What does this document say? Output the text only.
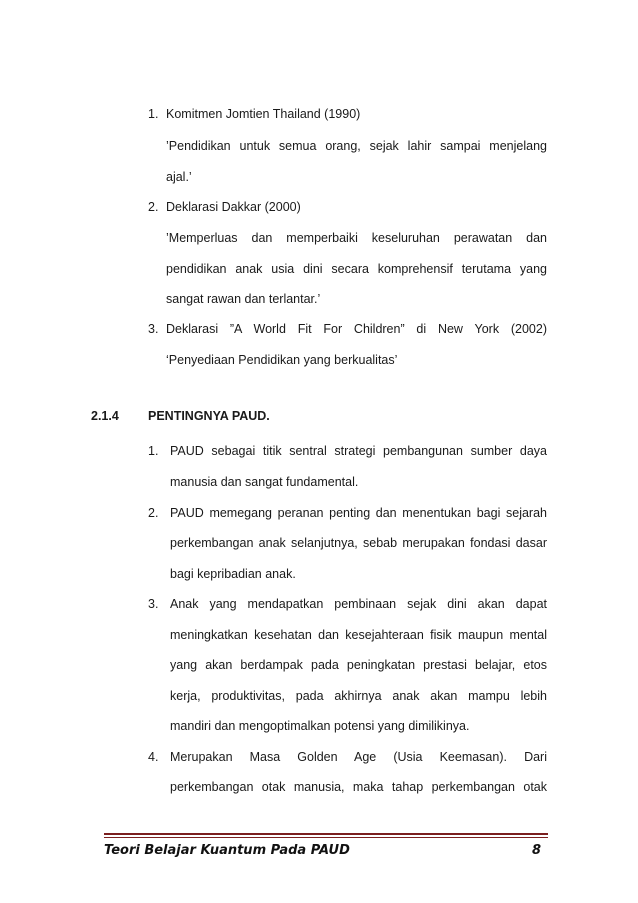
1. Komitmen Jomtien Thailand (1990)
’Pendidikan untuk semua orang, sejak lahir sampai menjelang
ajal.’
2. Deklarasi Dakkar (2000)
’Memperluas dan memperbaiki keseluruhan perawatan dan
pendidikan anak usia dini secara komprehensif terutama yang
sangat rawan dan terlantar.’
3. Deklarasi ”A World Fit For Children” di New York (2002)
‘Penyediaan Pendidikan yang berkualitas’
2.1.4 PENTINGNYA PAUD.
1. PAUD sebagai titik sentral strategi pembangunan sumber daya
manusia dan sangat fundamental.
2. PAUD memegang peranan penting dan menentukan bagi sejarah
perkembangan anak selanjutnya, sebab merupakan fondasi dasar
bagi kepribadian anak.
3. Anak yang mendapatkan pembinaan sejak dini akan dapat
meningkatkan kesehatan dan kesejahteraan fisik maupun mental
yang akan berdampak pada peningkatan prestasi belajar, etos
kerja, produktivitas, pada akhirnya anak akan mampu lebih
mandiri dan mengoptimalkan potensi yang dimilikinya.
4. Merupakan Masa Golden Age (Usia Keemasan). Dari
perkembangan otak manusia, maka tahap perkembangan otak
Teori Belajar Kuantum Pada PAUD	8
